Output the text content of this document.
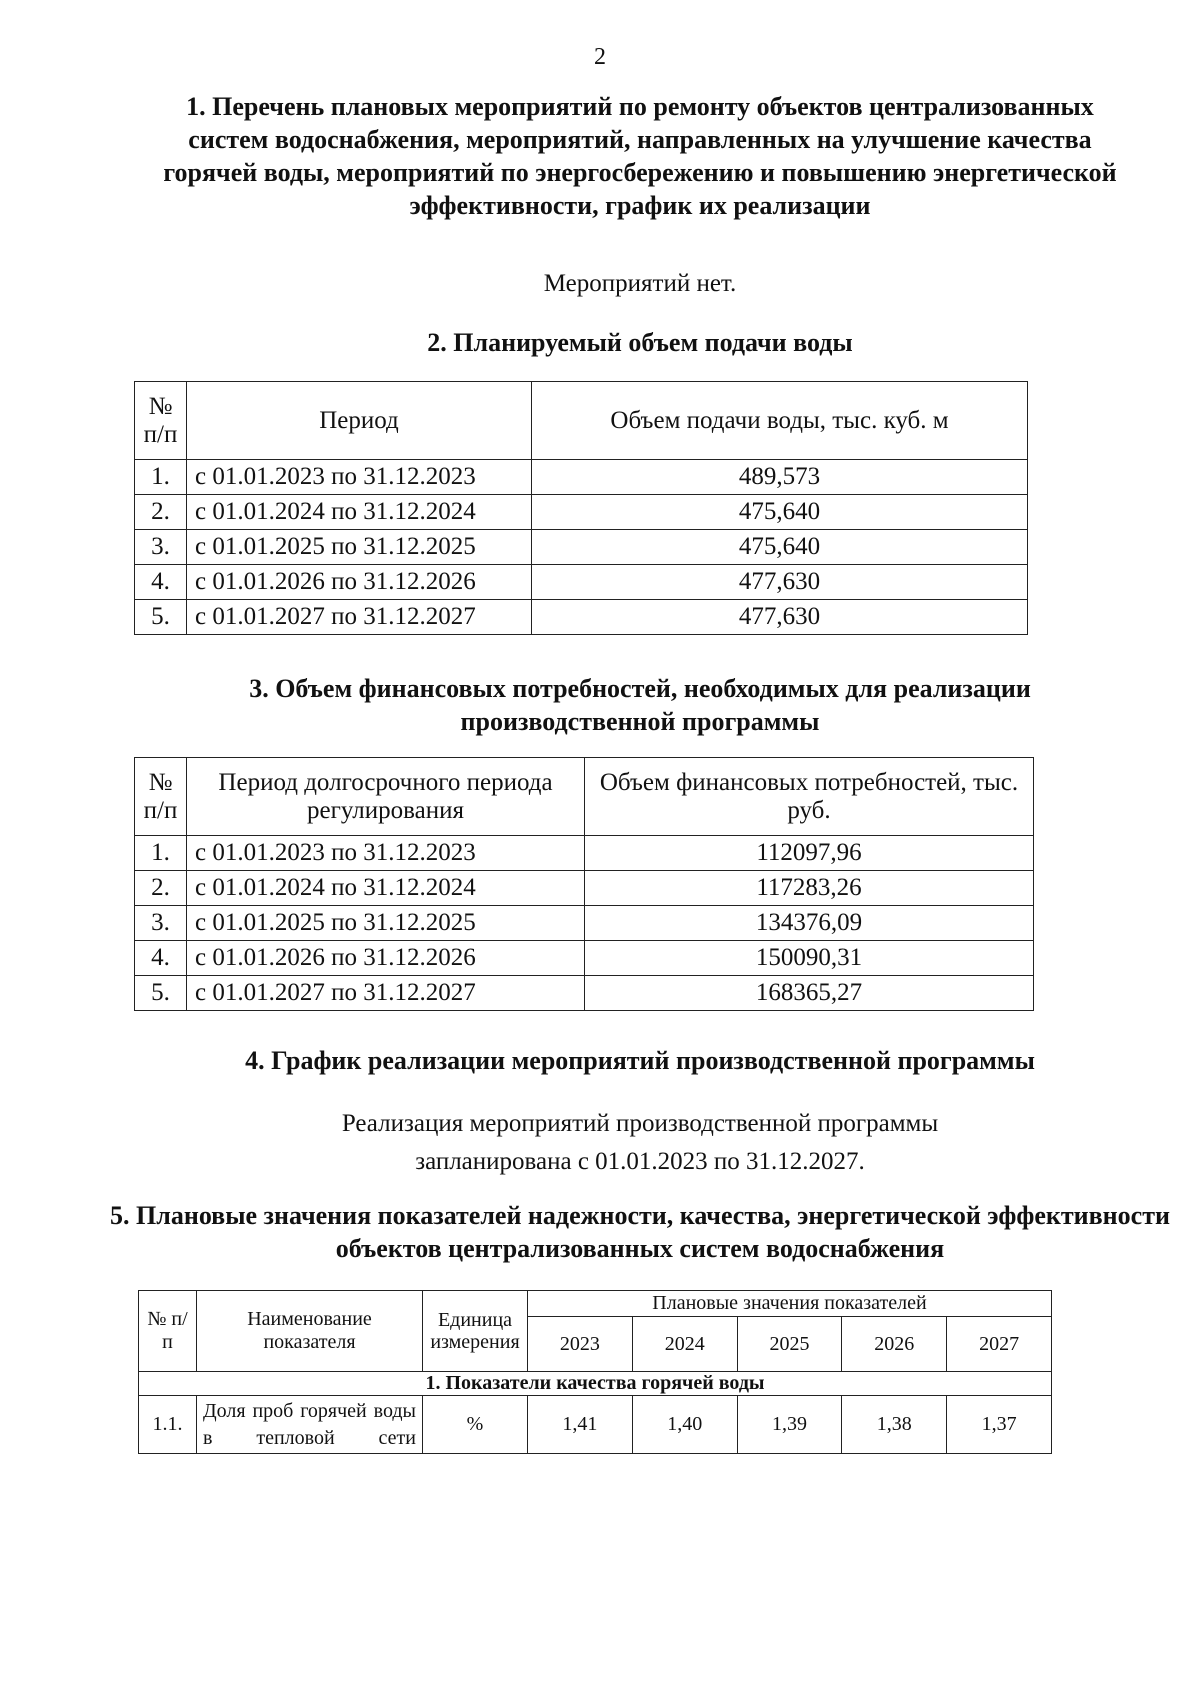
2
1. Перечень плановых мероприятий по ремонту объектов централизованных систем водоснабжения, мероприятий, направленных на улучшение качества горячей воды, мероприятий по энергосбережению и повышению энергетической эффективности, график их реализации

Мероприятий нет.

2. Планируемый объем подачи воды
№ п/п	Период	Объем подачи воды, тыс. куб. м
1.	с 01.01.2023 по 31.12.2023	489,573
2.	с 01.01.2024 по 31.12.2024	475,640
3.	с 01.01.2025 по 31.12.2025	475,640
4.	с 01.01.2026 по 31.12.2026	477,630
5.	с 01.01.2027 по 31.12.2027	477,630
3. Объем финансовых потребностей, необходимых для реализации производственной программы
№ п/п	Период долгосрочного периода регулирования	Объем финансовых потребностей, тыс. руб.
1.	с 01.01.2023 по 31.12.2023	112097,96
2.	с 01.01.2024 по 31.12.2024	117283,26
3.	с 01.01.2025 по 31.12.2025	134376,09
4.	с 01.01.2026 по 31.12.2026	150090,31
5.	с 01.01.2027 по 31.12.2027	168365,27
4. График реализации мероприятий производственной программы

Реализация мероприятий производственной программы запланирована с 01.01.2023 по 31.12.2027.

5. Плановые значения показателей надежности, качества, энергетической эффективности объектов централизованных систем водоснабжения
№ п/п	Наименование показателя	Единица измерения	Плановые значения показателей				
			2023	2024	2025	2026	2027
1. Показатели качества горячей воды							
1.1.	Доля проб горячей воды в тепловой сети	%	1,41	1,40	1,39	1,38	1,37
